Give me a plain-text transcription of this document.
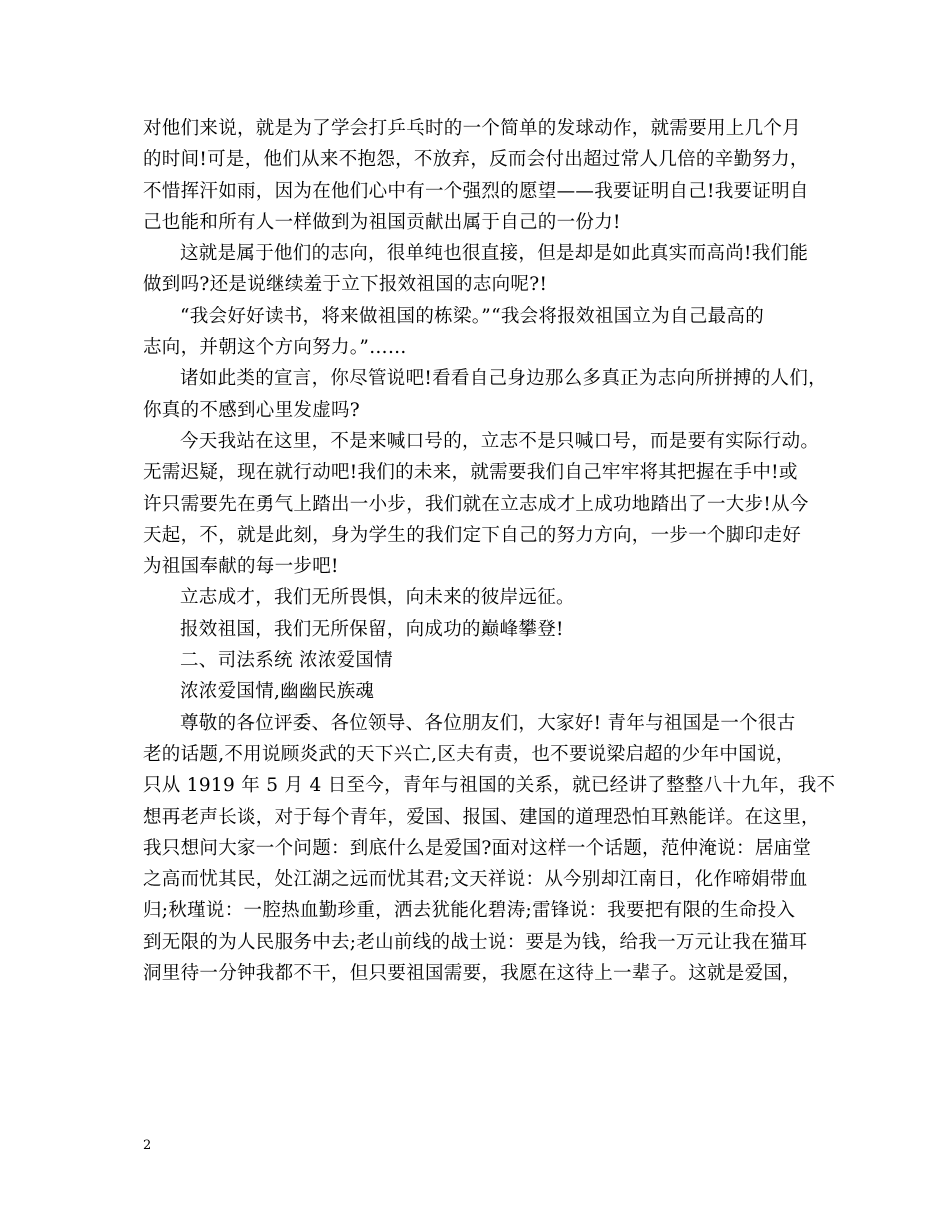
对他们来说，就是为了学会打乒乓时的一个简单的发球动作，就需要用上几个月
的时间!可是，他们从来不抱怨，不放弃，反而会付出超过常人几倍的辛勤努力，
不惜挥汗如雨，因为在他们心中有一个强烈的愿望——我要证明自己!我要证明自
己也能和所有人一样做到为祖国贡献出属于自己的一份力!
这就是属于他们的志向，很单纯也很直接，但是却是如此真实而高尚!我们能
做到吗?还是说继续羞于立下报效祖国的志向呢?!
“我会好好读书，将来做祖国的栋梁。”“我会将报效祖国立为自己最高的
志向，并朝这个方向努力。”……
诸如此类的宣言，你尽管说吧!看看自己身边那么多真正为志向所拼搏的人们，
你真的不感到心里发虚吗?
今天我站在这里，不是来喊口号的，立志不是只喊口号，而是要有实际行动。
无需迟疑，现在就行动吧!我们的未来，就需要我们自己牢牢将其把握在手中!或
许只需要先在勇气上踏出一小步，我们就在立志成才上成功地踏出了一大步!从今
天起，不，就是此刻，身为学生的我们定下自己的努力方向，一步一个脚印走好
为祖国奉献的每一步吧!
立志成才，我们无所畏惧，向未来的彼岸远征。
报效祖国，我们无所保留，向成功的巅峰攀登!
二、司法系统 浓浓爱国情
浓浓爱国情,幽幽民族魂
尊敬的各位评委、各位领导、各位朋友们，大家好! 青年与祖国是一个很古
老的话题,不用说顾炎武的天下兴亡,区夫有责，也不要说梁启超的少年中国说，
只从 1919 年 5 月 4 日至今，青年与祖国的关系，就已经讲了整整八十九年，我不
想再老声长谈，对于每个青年，爱国、报国、建国的道理恐怕耳熟能详。在这里，
我只想问大家一个问题：到底什么是爱国?面对这样一个话题，范仲淹说：居庙堂
之高而忧其民，处江湖之远而忧其君;文天祥说：从今别却江南日，化作啼娟带血
归;秋瑾说：一腔热血勤珍重，洒去犹能化碧涛;雷锋说：我要把有限的生命投入
到无限的为人民服务中去;老山前线的战士说：要是为钱，给我一万元让我在猫耳
洞里待一分钟我都不干，但只要祖国需要，我愿在这待上一辈子。这就是爱国，
2
